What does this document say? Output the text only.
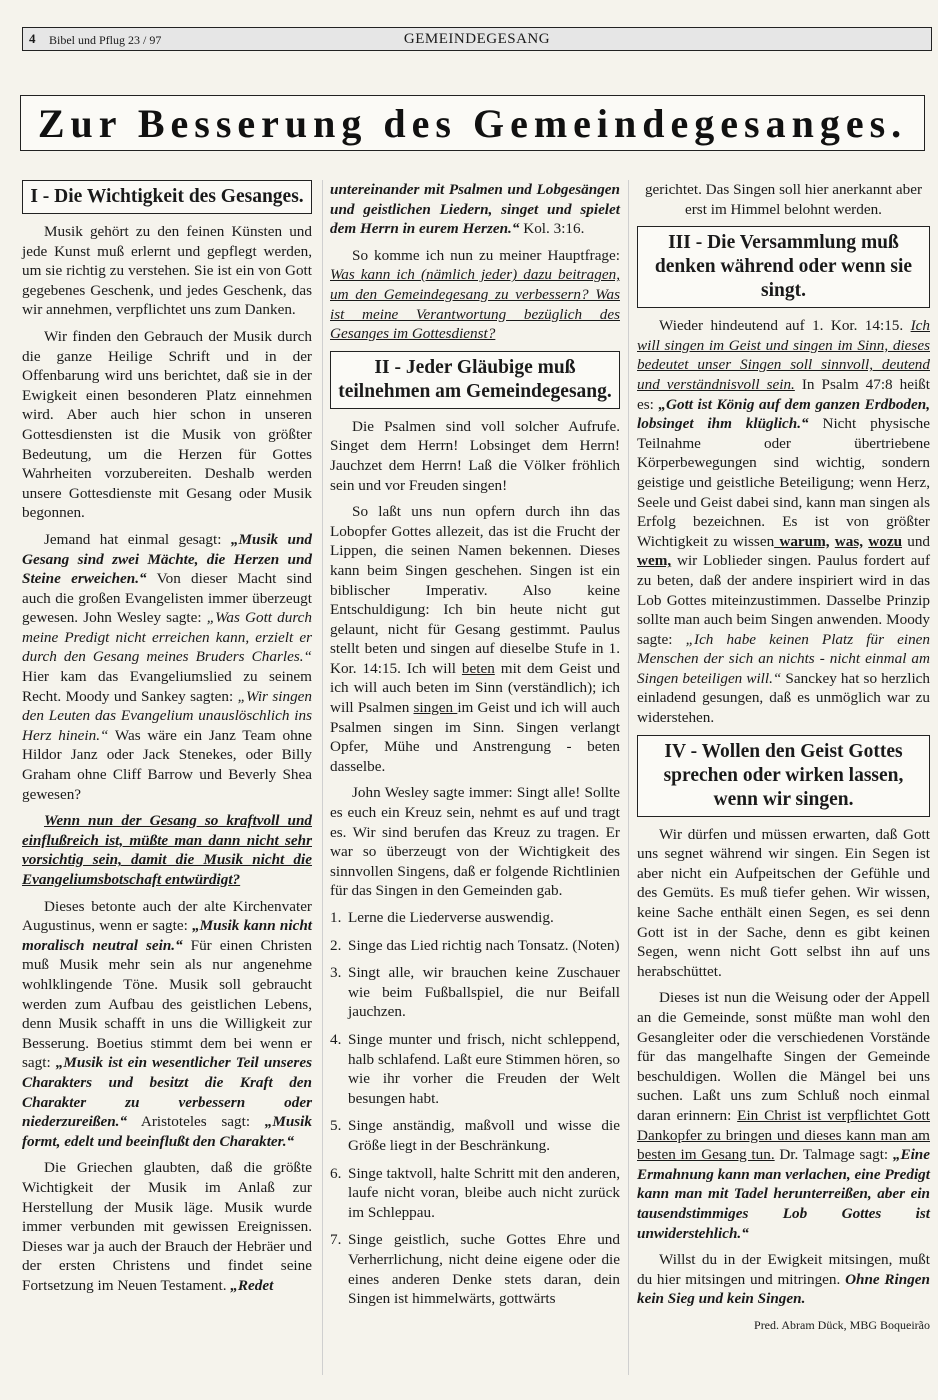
4 Bibel und Pflug 23 / 97	GEMEINDEGESANG
Zur Besserung des Gemeindegesanges.
I - Die Wichtigkeit des Gesanges.

Musik gehört zu den feinen Künsten und jede Kunst muß erlernt und gepflegt werden, um sie richtig zu verstehen. Sie ist ein von Gott gegebenes Geschenk, und jedes Geschenk, das wir annehmen, verpflichtet uns zum Danken.

Wir finden den Gebrauch der Musik durch die ganze Heilige Schrift und in der Offenbarung wird uns berichtet, daß sie in der Ewigkeit einen besonderen Platz einnehmen wird. Aber auch hier schon in unseren Gottesdiensten ist die Musik von größter Bedeutung, um die Herzen für Gottes Wahrheiten vorzubereiten. Deshalb werden unsere Gottesdienste mit Gesang oder Musik begonnen.

Jemand hat einmal gesagt: „Musik und Gesang sind zwei Mächte, die Herzen und Steine erweichen.“ Von dieser Macht sind auch die großen Evangelisten immer überzeugt gewesen. John Wesley sagte: „Was Gott durch meine Predigt nicht erreichen kann, erzielt er durch den Gesang meines Bruders Charles.“ Hier kam das Evangeliumslied zu seinem Recht. Moody und Sankey sagten: „Wir singen den Leuten das Evangelium unauslöschlich ins Herz hinein.“ Was wäre ein Janz Team ohne Hildor Janz oder Jack Stenekes, oder Billy Graham ohne Cliff Barrow und Beverly Shea gewesen?

Wenn nun der Gesang so kraftvoll und einflußreich ist, müßte man dann nicht sehr vorsichtig sein, damit die Musik nicht die Evangeliumsbotschaft entwürdigt?

Dieses betonte auch der alte Kirchenvater Augustinus, wenn er sagte: „Musik kann nicht moralisch neutral sein.“ Für einen Christen muß Musik mehr sein als nur angenehme wohlklingende Töne. Musik soll gebraucht werden zum Aufbau des geistlichen Lebens, denn Musik schafft in uns die Willigkeit zur Besserung. Boetius stimmt dem bei wenn er sagt: „Musik ist ein wesentlicher Teil unseres Charakters und besitzt die Kraft den Charakter zu verbessern oder niederzureißen.“ Aristoteles sagt: „Musik formt, edelt und beeinflußt den Charakter.“

Die Griechen glaubten, daß die größte Wichtigkeit der Musik im Anlaß zur Herstellung der Musik läge. Musik wurde immer verbunden mit gewissen Ereignissen. Dieses war ja auch der Brauch der Hebräer und der ersten Christens und findet seine Fortsetzung im Neuen Testament. „Redet

untereinander mit Psalmen und Lobgesängen und geistlichen Liedern, singet und spielet dem Herrn in eurem Herzen.“ Kol. 3:16.

So komme ich nun zu meiner Hauptfrage: Was kann ich (nämlich jeder) dazu beitragen, um den Gemeindegesang zu verbessern? Was ist meine Verantwortung bezüglich des Gesanges im Gottesdienst?

II - Jeder Gläubige muß teilnehmen am Gemeindegesang.

Die Psalmen sind voll solcher Aufrufe. Singet dem Herrn! Lobsinget dem Herrn! Jauchzet dem Herrn! Laß die Völker fröhlich sein und vor Freuden singen!

So laßt uns nun opfern durch ihn das Lobopfer Gottes allezeit, das ist die Frucht der Lippen, die seinen Namen bekennen. Dieses kann beim Singen geschehen. Singen ist ein biblischer Imperativ. Also keine Entschuldigung: Ich bin heute nicht gut gelaunt, nicht für Gesang gestimmt. Paulus stellt beten und singen auf dieselbe Stufe in 1. Kor. 14:15. Ich will beten mit dem Geist und ich will auch beten im Sinn (verständlich); ich will Psalmen singen im Geist und ich will auch Psalmen singen im Sinn. Singen verlangt Opfer, Mühe und Anstrengung - beten dasselbe.

John Wesley sagte immer: Singt alle! Solltе es euch ein Kreuz sein, nehmt es auf und tragt es. Wir sind berufen das Kreuz zu tragen. Er war so überzeugt von der Wichtigkeit des sinnvollen Singens, daß er folgende Richtlinien für das Singen in den Gemeinden gab.

1. Lerne die Liederverse auswendig.
2. Singe das Lied richtig nach Tonsatz. (Noten)
3. Singt alle, wir brauchen keine Zuschauer wie beim Fußballspiel, die nur Beifall jauchzen.
4. Singe munter und frisch, nicht schleppend, halb schlafend. Laßt eure Stimmen hören, so wie ihr vorher die Freuden der Welt besungen habt.
5. Singe anständig, maßvoll und wisse die Größe liegt in der Beschränkung.
6. Singe taktvoll, halte Schritt mit den anderen, laufe nicht voran, bleibe auch nicht zurück im Schleppau.
7. Singe geistlich, suche Gottes Ehre und Verherrlichung, nicht deine eigene oder die eines anderen Denke stets daran, dein Singen ist himmelwärts, gottwärts

gerichtet. Das Singen soll hier anerkannt aber erst im Himmel belohnt werden.

III - Die Versammlung muß denken während oder wenn sie singt.

Wieder hindeutend auf 1. Kor. 14:15. Ich will singen im Geist und singen im Sinn, dieses bedeutet unser Singen soll sinnvoll, deutend und verständnisvoll sein. In Psalm 47:8 heißt es: „Gott ist König auf dem ganzen Erdboden, lobsinget ihm klüglich.“ Nicht physische Teilnahme oder übertriebene Körperbewegungen sind wichtig, sondern geistige und geistliche Beteiligung; wenn Herz, Seele und Geist dabei sind, kann man singen als Erfolg bezeichnen. Es ist von größter Wichtigkeit zu wissen warum, was, wozu und wem, wir Loblieder singen. Paulus fordert auf zu beten, daß der andere inspiriert wird in das Lob Gottes miteinzustimmen. Dasselbe Prinzip sollte man auch beim Singen anwenden. Moody sagte: „Ich habe keinen Platz für einen Menschen der sich an nichts - nicht einmal am Singen beteiligen will.“ Sanckey hat so herzlich einladend gesungen, daß es unmöglich war zu widerstehen.

IV - Wollen den Geist Gottes sprechen oder wirken lassen, wenn wir singen.

Wir dürfen und müssen erwarten, daß Gott uns segnet während wir singen. Ein Segen ist aber nicht ein Aufpeitschen der Gefühle und des Gemüts. Es muß tiefer gehen. Wir wissen, keine Sache enthält einen Segen, es sei denn Gott ist in der Sache, denn es gibt keinen Segen, wenn nicht Gott selbst ihn auf uns herabschüttet.

Dieses ist nun die Weisung oder der Appell an die Gemeinde, sonst müßte man wohl den Gesangleiter oder die verschiedenen Vorstände für das mangelhafte Singen der Gemeinde beschuldigen. Wollen die Mängel bei uns suchen. Laßt uns zum Schluß noch einmal daran erinnern: Ein Christ ist verpflichtet Gott Dankopfer zu bringen und dieses kann man am besten im Gesang tun. Dr. Talmage sagt: „Eine Ermahnung kann man verlachen, eine Predigt kann man mit Tadel herunterreißen, aber ein tausendstimmiges Lob Gottes ist unwiderstehlich.“

Willst du in der Ewigkeit mitsingen, mußt du hier mitsingen und mitringen. Ohne Ringen kein Sieg und kein Singen.

Pred. Abram Dück, MBG Boqueirão
